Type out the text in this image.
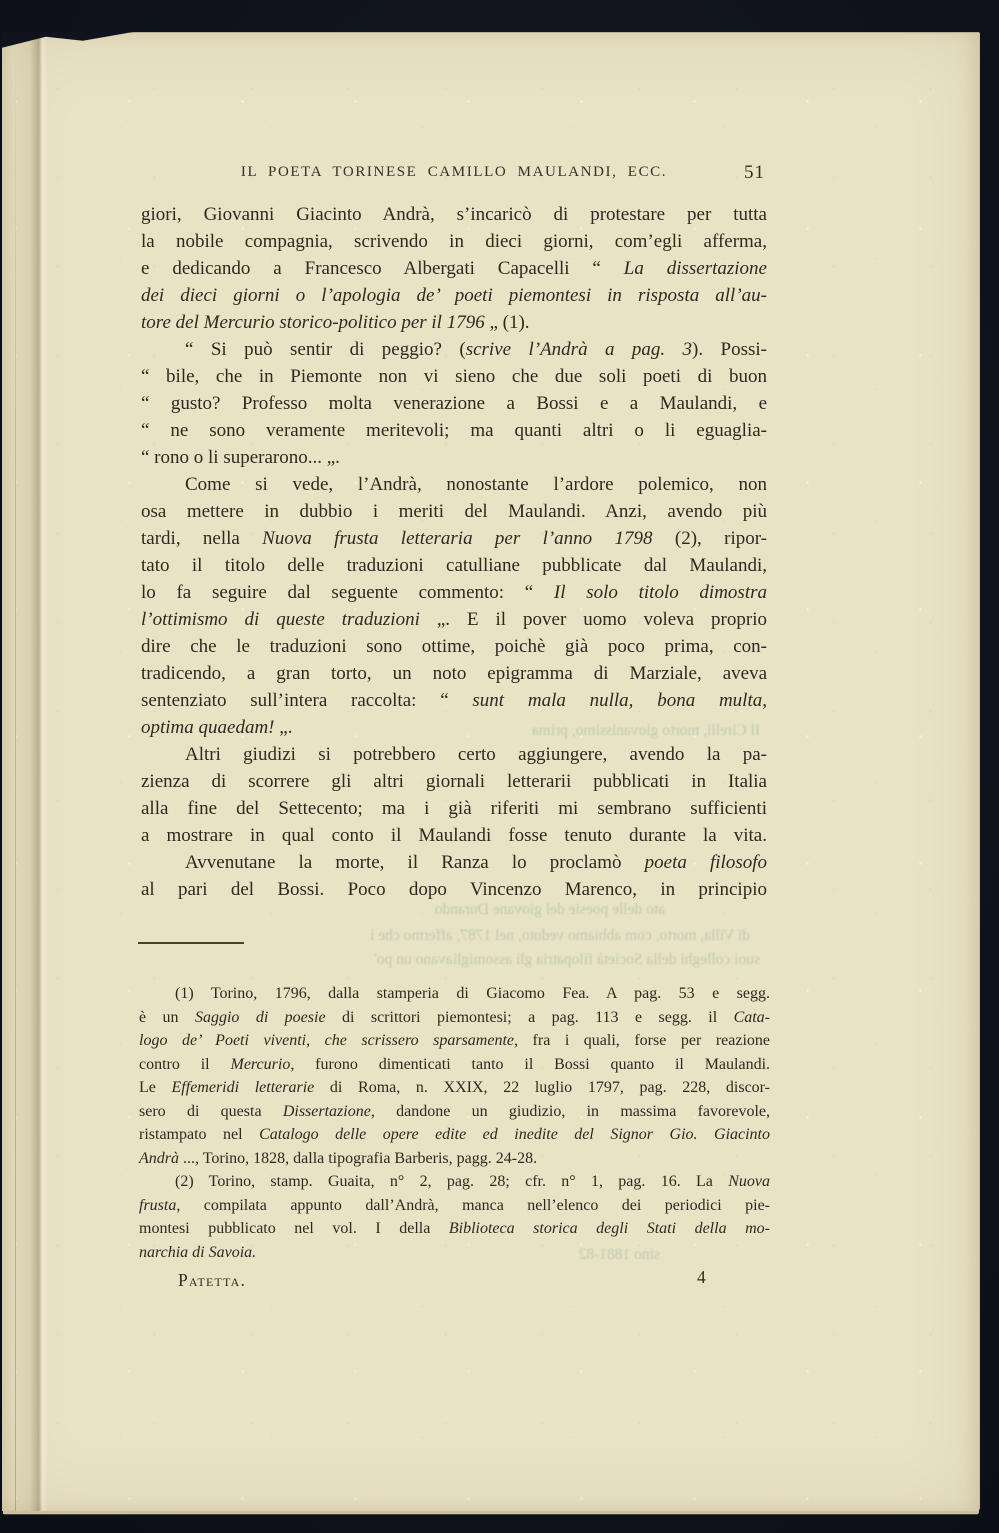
Il Cirelli, morto giovanissimo, prima
ato delle poesie del giovane Durando
di Villa, morto, com abbiamo veduto, nel 1787, affermo che i
suoi colleghi della Società filopatria gli assomigliavano un po'
sino 1881-82
IL POETA TORINESE CAMILLO MAULANDI, ECC.	51
giori, Giovanni Giacinto Andrà, s’incaricò di protestare per tutta
la nobile compagnia, scrivendo in dieci giorni, com’egli afferma,
e dedicando a Francesco Albergati Capacelli “ La dissertazione
dei dieci giorni o l’apologia de’ poeti piemontesi in risposta all’au-
tore del Mercurio storico-politico per il 1796 „ (1).
“ Si può sentir di peggio? (scrive l’Andrà a pag. 3). Possi-
“ bile, che in Piemonte non vi sieno che due soli poeti di buon
“ gusto? Professo molta venerazione a Bossi e a Maulandi, e
“ ne sono veramente meritevoli; ma quanti altri o li eguaglia-
“ rono o li superarono... „.
Come si vede, l’Andrà, nonostante l’ardore polemico, non
osa mettere in dubbio i meriti del Maulandi. Anzi, avendo più
tardi, nella Nuova frusta letteraria per l’anno 1798 (2), ripor-
tato il titolo delle traduzioni catulliane pubblicate dal Maulandi,
lo fa seguire dal seguente commento: “ Il solo titolo dimostra
l’ottimismo di queste traduzioni „. E il pover uomo voleva proprio
dire che le traduzioni sono ottime, poichè già poco prima, con-
tradicendo, a gran torto, un noto epigramma di Marziale, aveva
sentenziato sull’intera raccolta: “ sunt mala nulla, bona multa,
optima quaedam! „.
Altri giudizi si potrebbero certo aggiungere, avendo la pa-
zienza di scorrere gli altri giornali letterarii pubblicati in Italia
alla fine del Settecento; ma i già riferiti mi sembrano sufficienti
a mostrare in qual conto il Maulandi fosse tenuto durante la vita.
Avvenutane la morte, il Ranza lo proclamò poeta filosofo
al pari del Bossi. Poco dopo Vincenzo Marenco, in principio
(1) Torino, 1796, dalla stamperia di Giacomo Fea. A pag. 53 e segg.
è un Saggio di poesie di scrittori piemontesi; a pag. 113 e segg. il Cata-
logo de’ Poeti viventi, che scrissero sparsamente, fra i quali, forse per reazione
contro il Mercurio, furono dimenticati tanto il Bossi quanto il Maulandi.
Le Effemeridi letterarie di Roma, n. XXIX, 22 luglio 1797, pag. 228, discor-
sero di questa Dissertazione, dandone un giudizio, in massima favorevole,
ristampato nel Catalogo delle opere edite ed inedite del Signor Gio. Giacinto
Andrà ..., Torino, 1828, dalla tipografia Barberis, pagg. 24-28.
(2) Torino, stamp. Guaita, n° 2, pag. 28; cfr. n° 1, pag. 16. La Nuova
frusta, compilata appunto dall’Andrà, manca nell’elenco dei periodici pie-
montesi pubblicato nel vol. I della Biblioteca storica degli Stati della mo-
narchia di Savoia.
Patetta.	4
